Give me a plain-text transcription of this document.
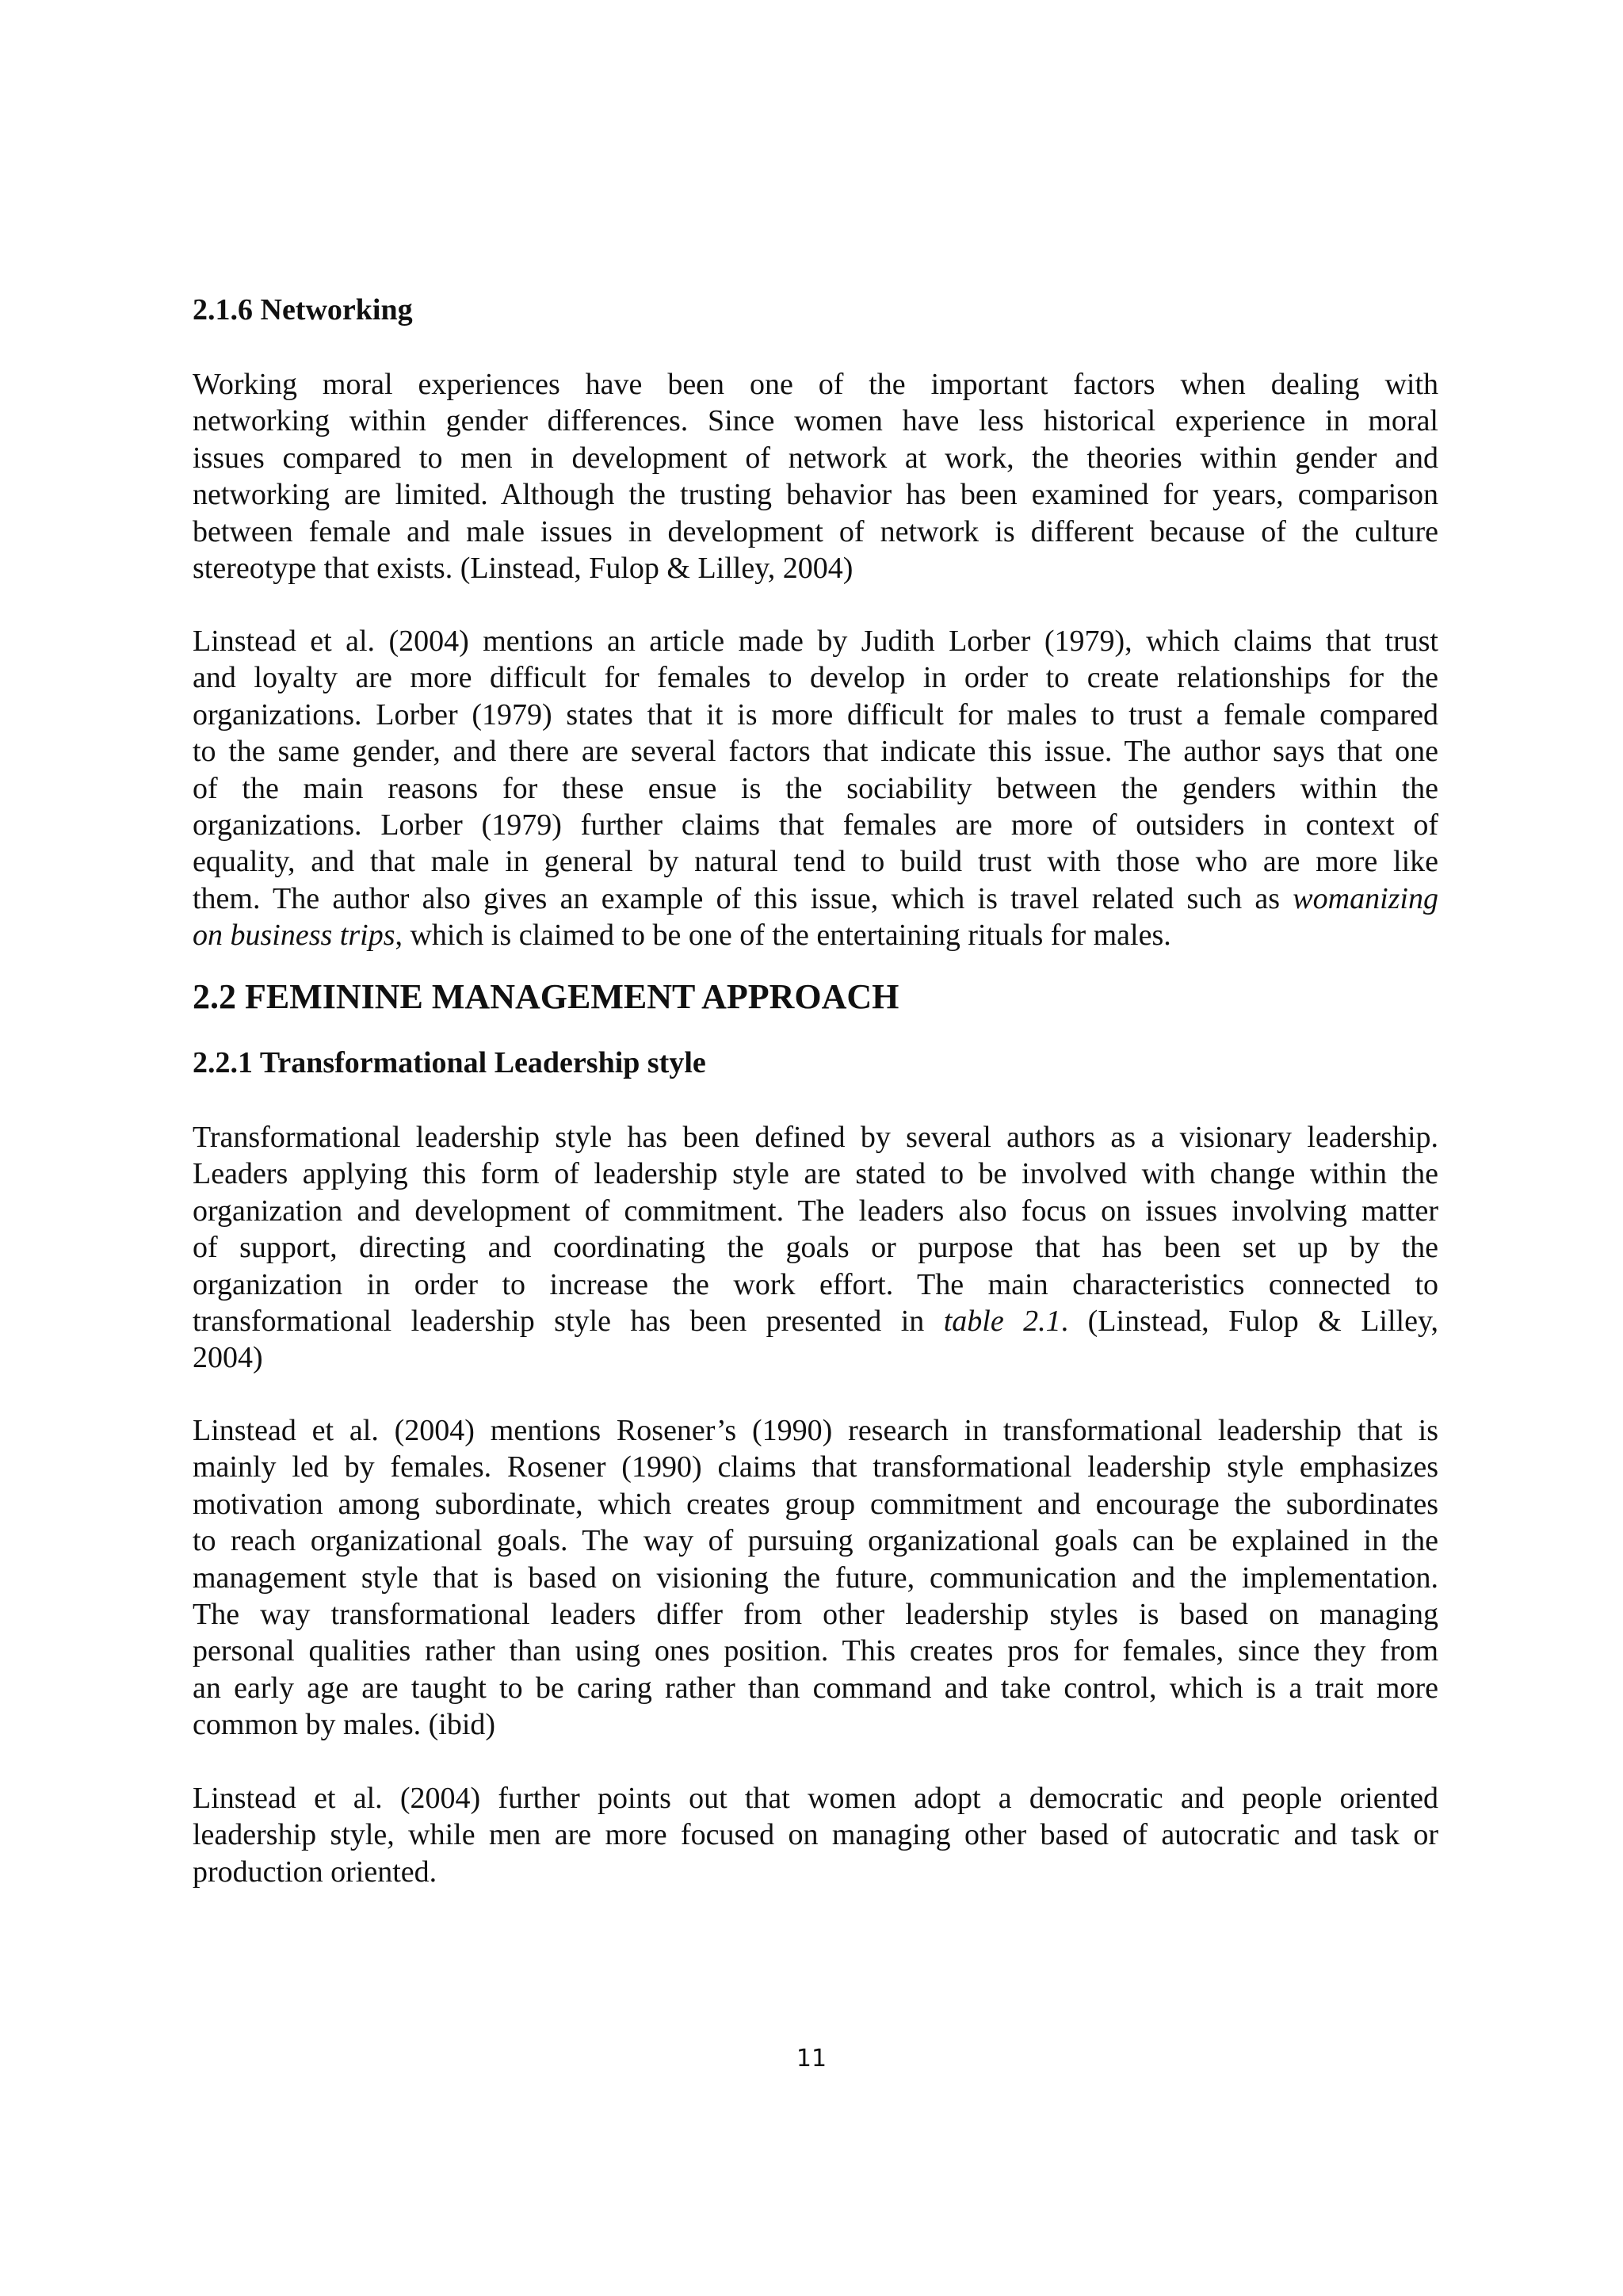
2.1.6 Networking
Working moral experiences have been one of the important factors when dealing with
networking within gender differences. Since women have less historical experience in moral
issues compared to men in development of network at work, the theories within gender and
networking are limited. Although the trusting behavior has been examined for years, comparison
between female and male issues in development of network is different because of the culture
stereotype that exists. (Linstead, Fulop & Lilley, 2004)
Linstead et al. (2004) mentions an article made by Judith Lorber (1979), which claims that trust
and loyalty are more difficult for females to develop in order to create relationships for the
organizations. Lorber (1979) states that it is more difficult for males to trust a female compared
to the same gender, and there are several factors that indicate this issue. The author says that one
of the main reasons for these ensue is the sociability between the genders within the
organizations. Lorber (1979) further claims that females are more of outsiders in context of
equality, and that male in general by natural tend to build trust with those who are more like
them. The author also gives an example of this issue, which is travel related such as womanizing
on business trips, which is claimed to be one of the entertaining rituals for males.
2.2 FEMININE MANAGEMENT APPROACH
2.2.1 Transformational Leadership style
Transformational leadership style has been defined by several authors as a visionary leadership.
Leaders applying this form of leadership style are stated to be involved with change within the
organization and development of commitment. The leaders also focus on issues involving matter
of support, directing and coordinating the goals or purpose that has been set up by the
organization in order to increase the work effort. The main characteristics connected to
transformational leadership style has been presented in table 2.1. (Linstead, Fulop & Lilley,
2004)
Linstead et al. (2004) mentions Rosener’s (1990) research in transformational leadership that is
mainly led by females. Rosener (1990) claims that transformational leadership style emphasizes
motivation among subordinate, which creates group commitment and encourage the subordinates
to reach organizational goals. The way of pursuing organizational goals can be explained in the
management style that is based on visioning the future, communication and the implementation.
The way transformational leaders differ from other leadership styles is based on managing
personal qualities rather than using ones position. This creates pros for females, since they from
an early age are taught to be caring rather than command and take control, which is a trait more
common by males. (ibid)
Linstead et al. (2004) further points out that women adopt a democratic and people oriented
leadership style, while men are more focused on managing other based of autocratic and task or
production oriented.
11
